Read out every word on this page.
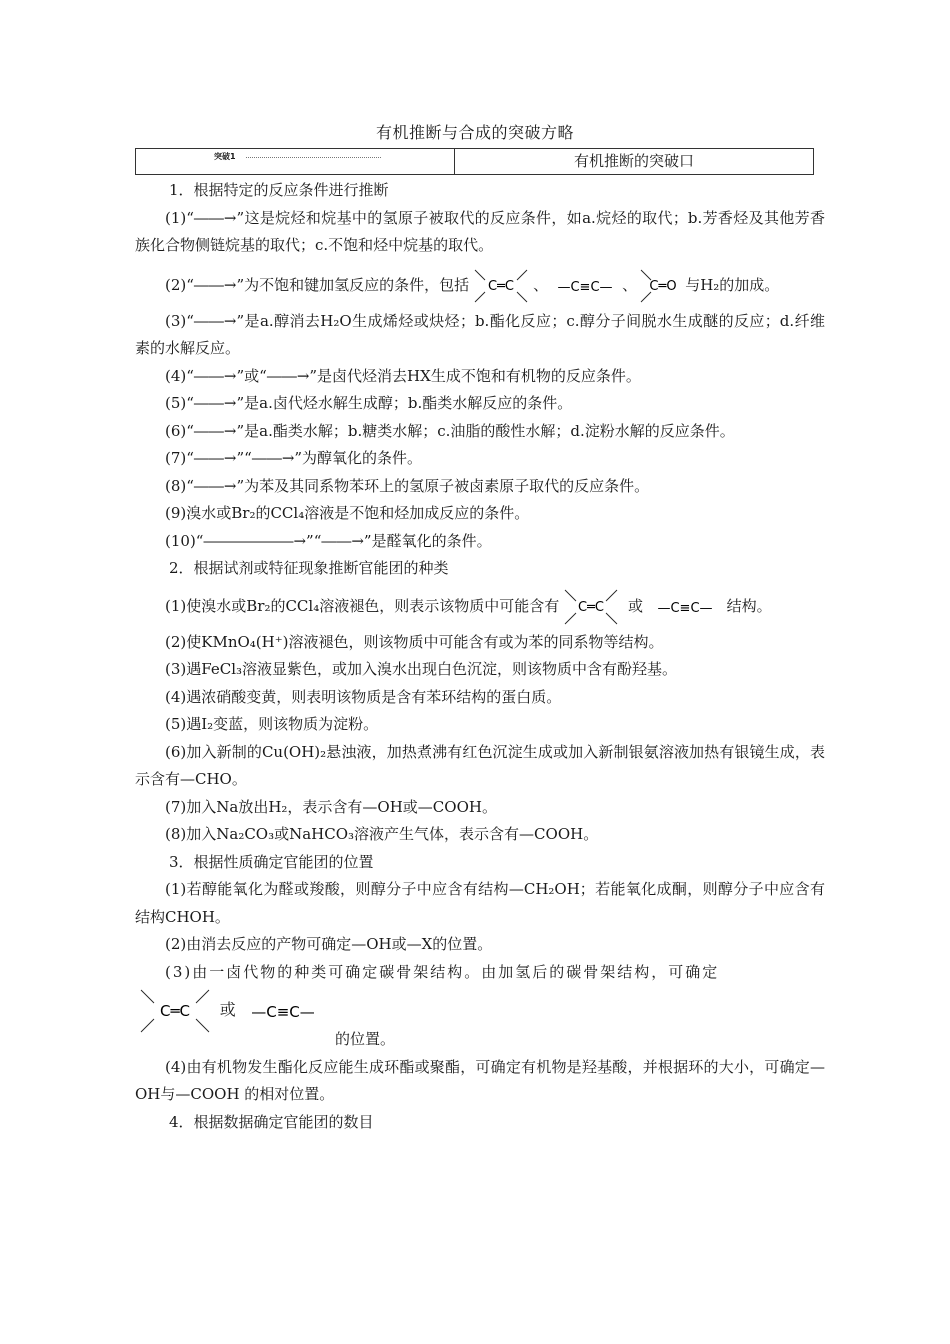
有机推断与合成的突破方略
突破1	有机推断的突破口

1．根据特定的反应条件进行推断

(1)“――→”这是烷烃和烷基中的氢原子被取代的反应条件，如a.烷烃的取代；b.芳香烃及其他芳香族化合物侧链烷基的取代；c.不饱和烃中烷基的取代。

(2)“――→”为不饱和键加氢反应的条件，包括 C═C 、 —C≡C— 、 C═O 与H₂的加成。

(3)“――→”是a.醇消去H₂O生成烯烃或炔烃；b.酯化反应；c.醇分子间脱水生成醚的反应；d.纤维素的水解反应。

(4)“――→”或“――→”是卤代烃消去HX生成不饱和有机物的反应条件。

(5)“――→”是a.卤代烃水解生成醇；b.酯类水解反应的条件。

(6)“――→”是a.酯类水解；b.糖类水解；c.油脂的酸性水解；d.淀粉水解的反应条件。

(7)“――→”“――→”为醇氧化的条件。

(8)“――→”为苯及其同系物苯环上的氢原子被卤素原子取代的反应条件。

(9)溴水或Br₂的CCl₄溶液是不饱和烃加成反应的条件。

(10)“――――――→”“――→”是醛氧化的条件。

2．根据试剂或特征现象推断官能团的种类

(1)使溴水或Br₂的CCl₄溶液褪色，则表示该物质中可能含有 C═C 或 —C≡C— 结构。

(2)使KMnO₄(H⁺)溶液褪色，则该物质中可能含有或为苯的同系物等结构。

(3)遇FeCl₃溶液显紫色，或加入溴水出现白色沉淀，则该物质中含有酚羟基。

(4)遇浓硝酸变黄，则表明该物质是含有苯环结构的蛋白质。

(5)遇I₂变蓝，则该物质为淀粉。

(6)加入新制的Cu(OH)₂悬浊液，加热煮沸有红色沉淀生成或加入新制银氨溶液加热有银镜生成，表示含有—CHO。

(7)加入Na放出H₂，表示含有—OH或—COOH。

(8)加入Na₂CO₃或NaHCO₃溶液产生气体，表示含有—COOH。

3．根据性质确定官能团的位置

(1)若醇能氧化为醛或羧酸，则醇分子中应含有结构—CH₂OH；若能氧化成酮，则醇分子中应含有结构CHOH。

(2)由消去反应的产物可确定—OH或—X的位置。

(3)由一卤代物的种类可确定碳骨架结构。由加氢后的碳骨架结构，可确定

C═C 或 —C≡C—

的位置。

(4)由有机物发生酯化反应能生成环酯或聚酯，可确定有机物是羟基酸，并根据环的大小，可确定—OH与—COOH 的相对位置。

4．根据数据确定官能团的数目
